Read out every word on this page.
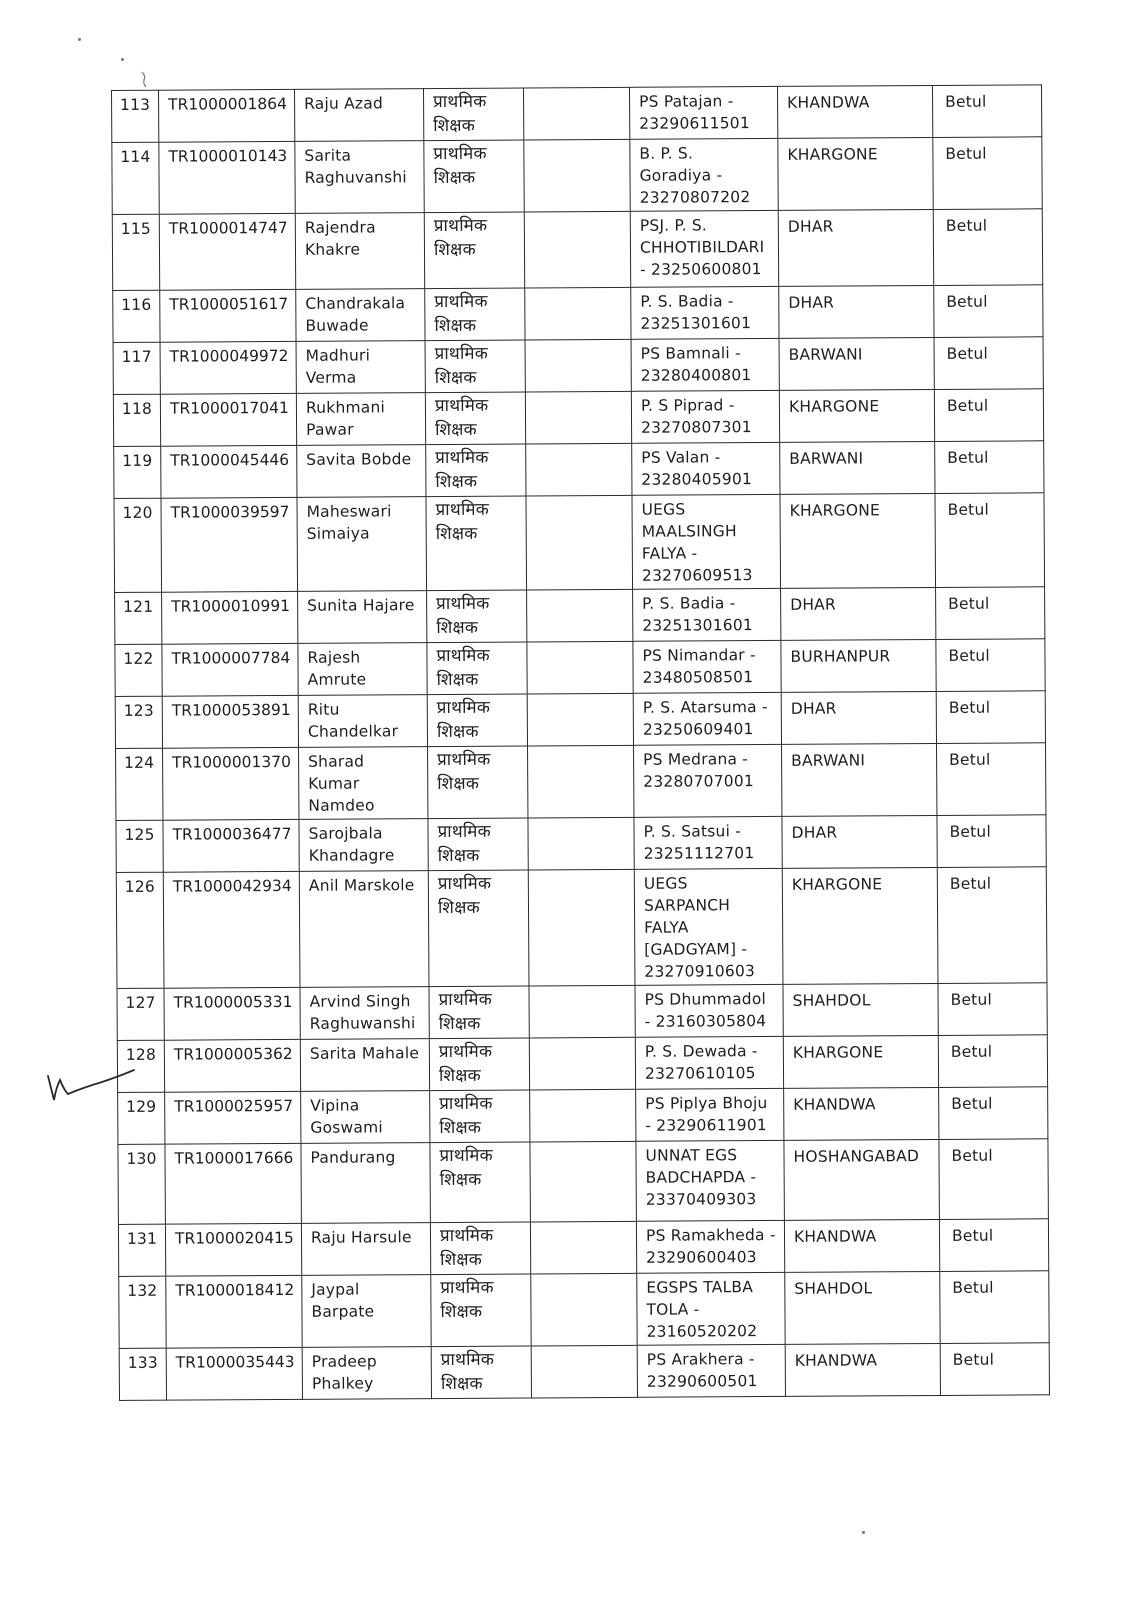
113	TR1000001864	Raju Azad	प्राथमिक
शिक्षक		PS Patajan -
23290611501	KHANDWA	Betul
114	TR1000010143	Sarita
Raghuvanshi	प्राथमिक
शिक्षक		B. P. S.
Goradiya -
23270807202	KHARGONE	Betul
115	TR1000014747	Rajendra
Khakre	प्राथमिक
शिक्षक		PSJ. P. S.
CHHOTIBILDARI
- 23250600801	DHAR	Betul
116	TR1000051617	Chandrakala
Buwade	प्राथमिक
शिक्षक		P. S. Badia -
23251301601	DHAR	Betul
117	TR1000049972	Madhuri
Verma	प्राथमिक
शिक्षक		PS Bamnali -
23280400801	BARWANI	Betul
118	TR1000017041	Rukhmani
Pawar	प्राथमिक
शिक्षक		P. S Piprad -
23270807301	KHARGONE	Betul
119	TR1000045446	Savita Bobde	प्राथमिक
शिक्षक		PS Valan -
23280405901	BARWANI	Betul
120	TR1000039597	Maheswari
Simaiya	प्राथमिक
शिक्षक		UEGS
MAALSINGH
FALYA -
23270609513	KHARGONE	Betul
121	TR1000010991	Sunita Hajare	प्राथमिक
शिक्षक		P. S. Badia -
23251301601	DHAR	Betul
122	TR1000007784	Rajesh Amrute	प्राथमिक
शिक्षक		PS Nimandar -
23480508501	BURHANPUR	Betul
123	TR1000053891	Ritu
Chandelkar	प्राथमिक
शिक्षक		P. S. Atarsuma -
23250609401	DHAR	Betul
124	TR1000001370	Sharad Kumar
Namdeo	प्राथमिक
शिक्षक		PS Medrana -
23280707001	BARWANI	Betul
125	TR1000036477	Sarojbala
Khandagre	प्राथमिक
शिक्षक		P. S. Satsui -
23251112701	DHAR	Betul
126	TR1000042934	Anil Marskole	प्राथमिक
शिक्षक		UEGS
SARPANCH
FALYA
[GADGYAM] -
23270910603	KHARGONE	Betul
127	TR1000005331	Arvind Singh
Raghuwanshi	प्राथमिक
शिक्षक		PS Dhummadol
- 23160305804	SHAHDOL	Betul
128	TR1000005362	Sarita Mahale	प्राथमिक
शिक्षक		P. S. Dewada -
23270610105	KHARGONE	Betul
129	TR1000025957	Vipina
Goswami	प्राथमिक
शिक्षक		PS Piplya Bhoju
- 23290611901	KHANDWA	Betul
130	TR1000017666	Pandurang	प्राथमिक
शिक्षक		UNNAT EGS
BADCHAPDA -
23370409303	HOSHANGABAD	Betul
131	TR1000020415	Raju Harsule	प्राथमिक
शिक्षक		PS Ramakheda -
23290600403	KHANDWA	Betul
132	TR1000018412	Jaypal Barpate	प्राथमिक
शिक्षक		EGSPS TALBA
TOLA -
23160520202	SHAHDOL	Betul
133	TR1000035443	Pradeep
Phalkey	प्राथमिक
शिक्षक		PS Arakhera -
23290600501	KHANDWA	Betul
